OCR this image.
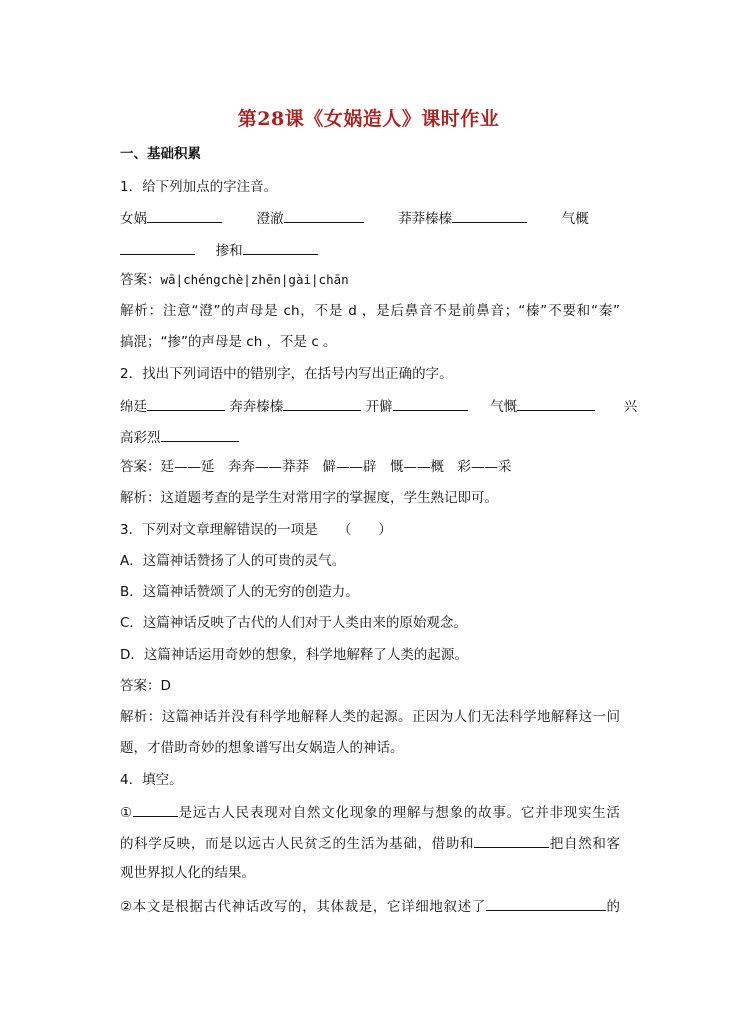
第28课《女娲造人》课时作业
一、基础积累
1．给下列加点的字注音。
女娲	澄澈	莽莽榛榛	气概
掺和
答案：wā|chéngchè|zhēn|gài|chān
解析：注意“澄”的声母是 ch，不是 d ，是后鼻音不是前鼻音；“榛”不要和“秦”
搞混；“掺”的声母是 ch ，不是 c 。
2．找出下列词语中的错别字，在括号内写出正确的字。
绵廷	奔奔榛榛	开僻	气慨	兴
高彩烈
答案：廷——延　奔奔——莽莽　僻——辟　慨——概　彩——采
解析：这道题考查的是学生对常用字的掌握度，学生熟记即可。
3．下列对文章理解错误的一项是　　（　　）
A．这篇神话赞扬了人的可贵的灵气。
B．这篇神话赞颂了人的无穷的创造力。
C．这篇神话反映了古代的人们对于人类由来的原始观念。
D．这篇神话运用奇妙的想象，科学地解释了人类的起源。
答案：D
解析：这篇神话并没有科学地解释人类的起源。正因为人们无法科学地解释这一问
题，才借助奇妙的想象谱写出女娲造人的神话。
4．填空。
①	是远古人民表现对自然文化现象的理解与想象的故事。它并非现实生活
的科学反映，而是以远古人民贫乏的生活为基础，借助和	把自然和客
观世界拟人化的结果。
②本文是根据古代神话改写的，其体裁是，它详细地叙述了	的
